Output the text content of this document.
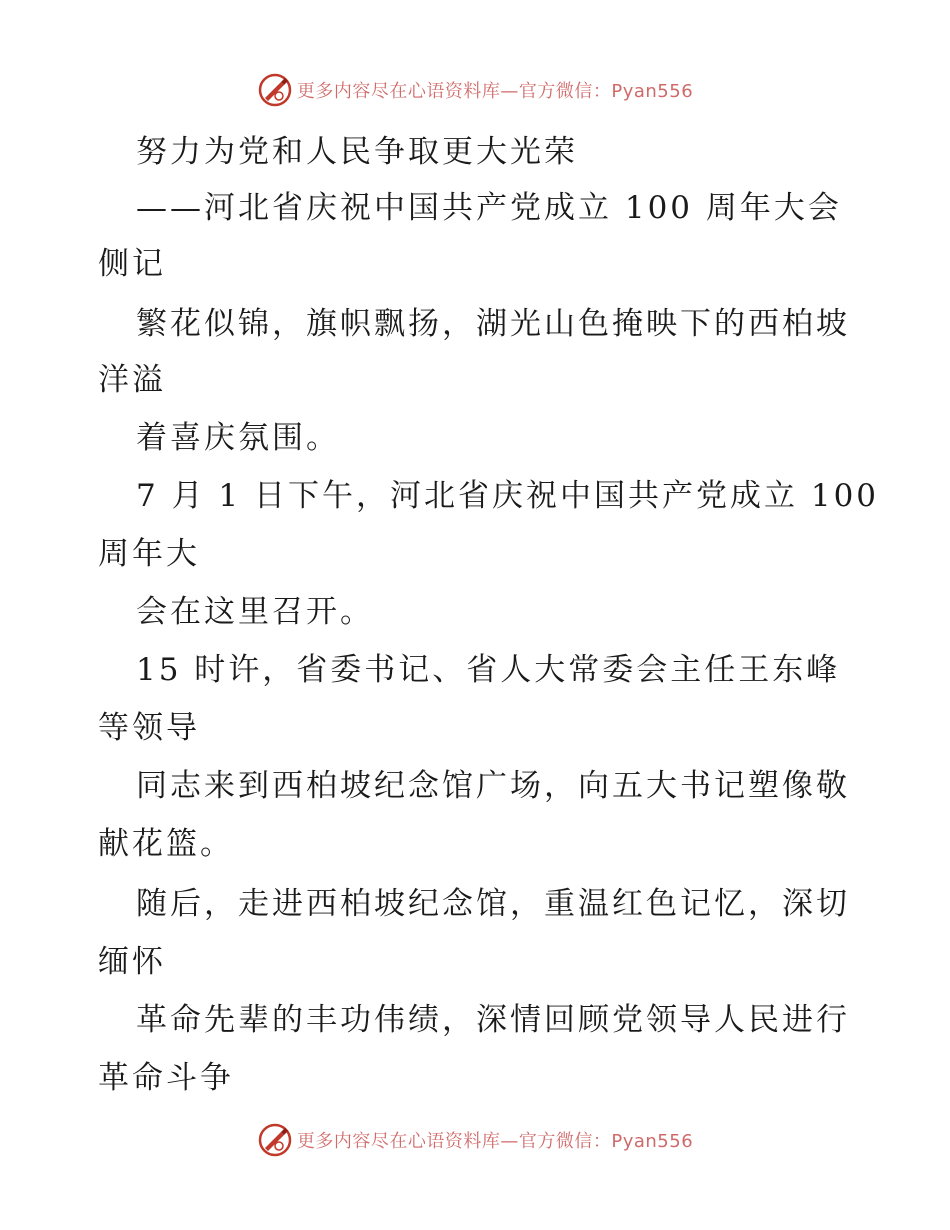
更多内容尽在心语资料库— 官方微信：Pyan556
努力为党和人民争取更大光荣
——河北省庆祝中国共产党成立 100 周年大会
侧记
繁花似锦，旗帜飘扬，湖光山色掩映下的西柏坡
洋溢
着喜庆氛围。
7 月 1 日下午，河北省庆祝中国共产党成立 100
周年大
会在这里召开。
15 时许，省委书记、省人大常委会主任王东峰
等领导
同志来到西柏坡纪念馆广场，向五大书记塑像敬
献花篮。
随后，走进西柏坡纪念馆，重温红色记忆，深切
缅怀
革命先辈的丰功伟绩，深情回顾党领导人民进行
革命斗争
更多内容尽在心语资料库— 官方微信：Pyan556
